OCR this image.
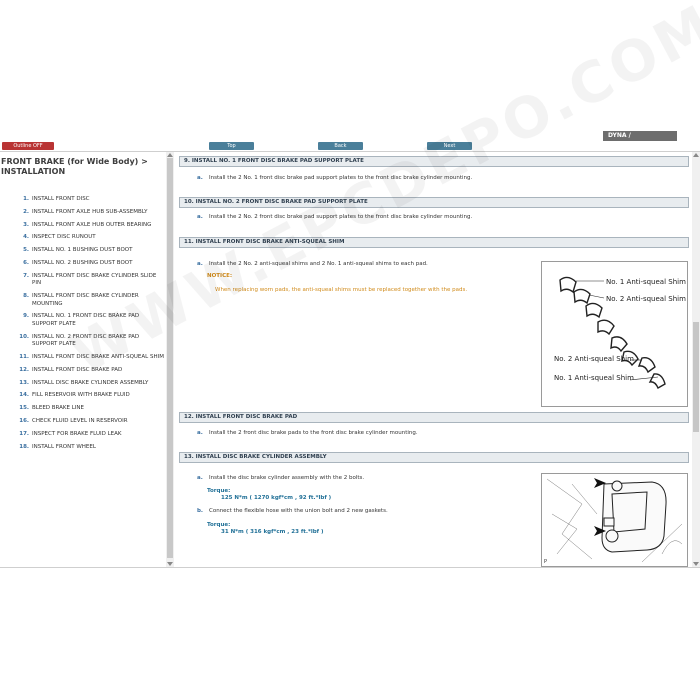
Outline OFF	Top	Back	Next
DYNA /
FRONT BRAKE (for Wide Body) > INSTALLATION
1. INSTALL FRONT DISC
2. INSTALL FRONT AXLE HUB SUB-ASSEMBLY
3. INSTALL FRONT AXLE HUB OUTER BEARING
4. INSPECT DISC RUNOUT
5. INSTALL NO. 1 BUSHING DUST BOOT
6. INSTALL NO. 2 BUSHING DUST BOOT
7. INSTALL FRONT DISC BRAKE CYLINDER SLIDE PIN
8. INSTALL FRONT DISC BRAKE CYLINDER MOUNTING
9. INSTALL NO. 1 FRONT DISC BRAKE PAD SUPPORT PLATE
10. INSTALL NO. 2 FRONT DISC BRAKE PAD SUPPORT PLATE
11. INSTALL FRONT DISC BRAKE ANTI-SQUEAL SHIM
12. INSTALL FRONT DISC BRAKE PAD
13. INSTALL DISC BRAKE CYLINDER ASSEMBLY
14. FILL RESERVOIR WITH BRAKE FLUID
15. BLEED BRAKE LINE
16. CHECK FLUID LEVEL IN RESERVOIR
17. INSPECT FOR BRAKE FLUID LEAK
18. INSTALL FRONT WHEEL
9. INSTALL NO. 1 FRONT DISC BRAKE PAD SUPPORT PLATE
a. Install the 2 No. 1 front disc brake pad support plates to the front disc brake cylinder mounting.
10. INSTALL NO. 2 FRONT DISC BRAKE PAD SUPPORT PLATE
a. Install the 2 No. 2 front disc brake pad support plates to the front disc brake cylinder mounting.
11. INSTALL FRONT DISC BRAKE ANTI-SQUEAL SHIM
a. Install the 2 No. 2 anti-squeal shims and 2 No. 1 anti-squeal shims to each pad.
NOTICE:
When replacing worn pads, the anti-squeal shims must be replaced together with the pads.
No. 1 Anti-squeal Shim
No. 2 Anti-squeal Shim
No. 2 Anti-squeal Shim
No. 1 Anti-squeal Shim
12. INSTALL FRONT DISC BRAKE PAD
a. Install the 2 front disc brake pads to the front disc brake cylinder mounting.
13. INSTALL DISC BRAKE CYLINDER ASSEMBLY
a. Install the disc brake cylinder assembly with the 2 bolts.
Torque:
125 N*m ( 1270 kgf*cm , 92 ft.*lbf )
b. Connect the flexible hose with the union bolt and 2 new gaskets.
Torque:
31 N*m ( 316 kgf*cm , 23 ft.*lbf )
P
